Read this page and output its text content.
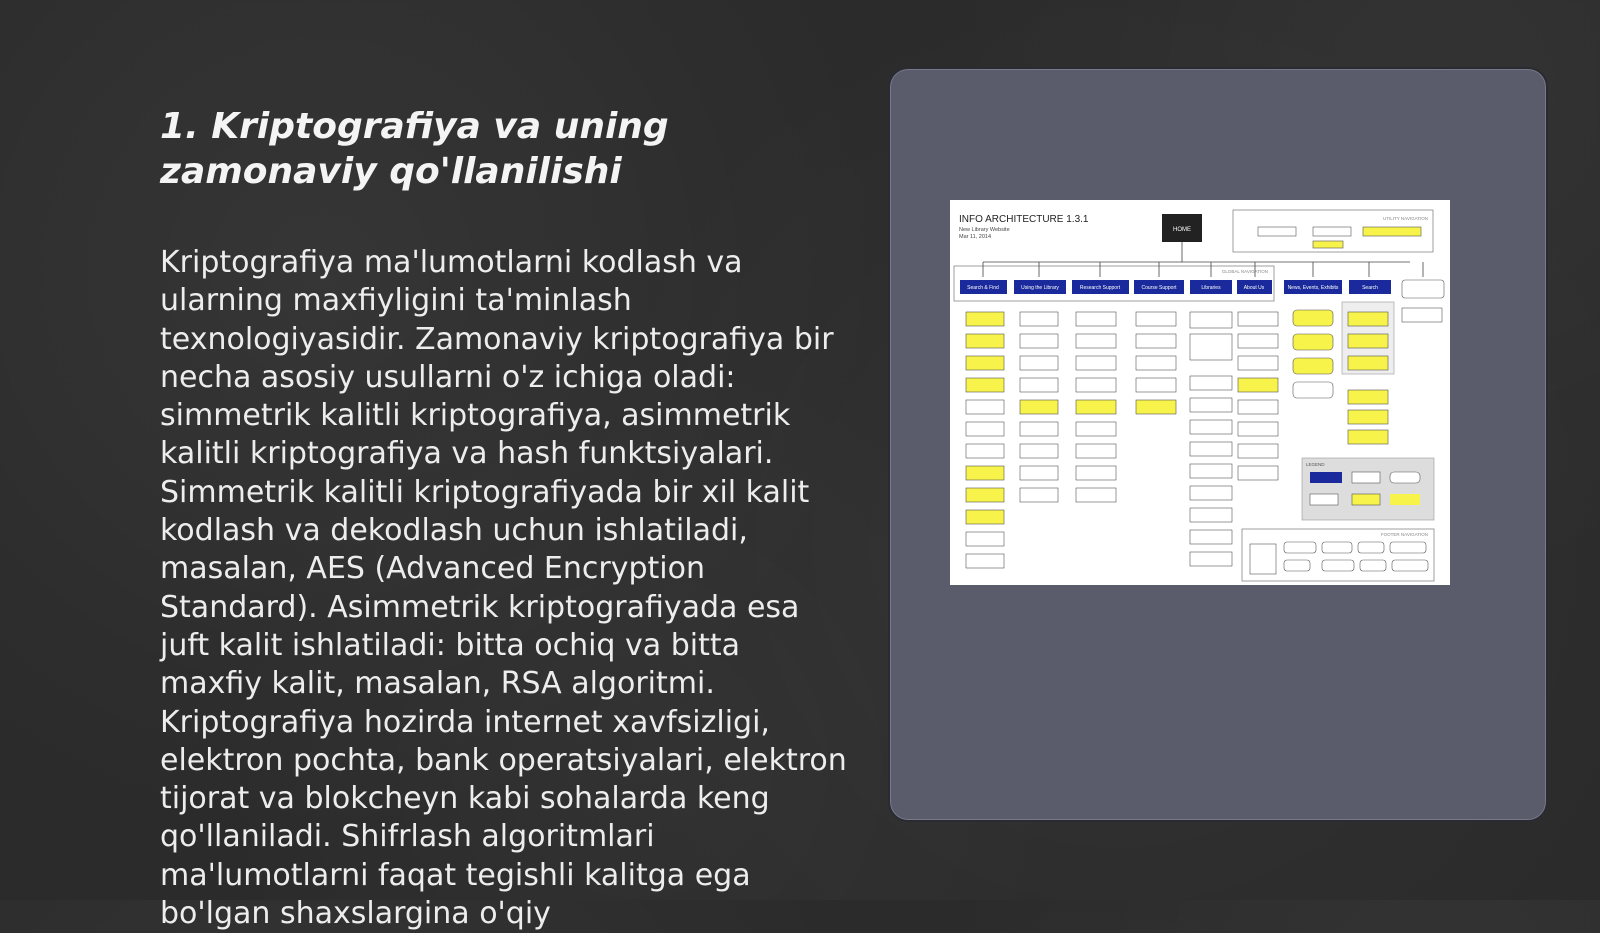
1. Kriptografiya va uning zamonaviy qo'llanilishi

Kriptografiya ma'lumotlarni kodlash va ularning maxfiyligini ta'minlash texnologiyasidir. Zamonaviy kriptografiya bir necha asosiy usullarni o'z ichiga oladi: simmetrik kalitli kriptografiya, asimmetrik kalitli kriptografiya va hash funktsiyalari. Simmetrik kalitli kriptografiyada bir xil kalit kodlash va dekodlash uchun ishlatiladi, masalan, AES (Advanced Encryption Standard). Asimmetrik kriptografiyada esa juft kalit ishlatiladi: bitta ochiq va bitta maxfiy kalit, masalan, RSA algoritmi. Kriptografiya hozirda internet xavfsizligi, elektron pochta, bank operatsiyalari, elektron tijorat va blokcheyn kabi sohalarda keng qo'llaniladi. Shifrlash algoritmlari ma'lumotlarni faqat tegishli kalitga ega bo'lgan shaxslargina o'qiy

INFO ARCHITECTURE 1.3.1
New Library Website
Mar 11, 2014
HOME
UTILITY NAVIGATION
GLOBAL NAVIGATION
Search & Find	Using the Library	Research Support	Course Support	Libraries	About Us	News, Events, Exhibits	Search
LEGEND
FOOTER NAVIGATION
